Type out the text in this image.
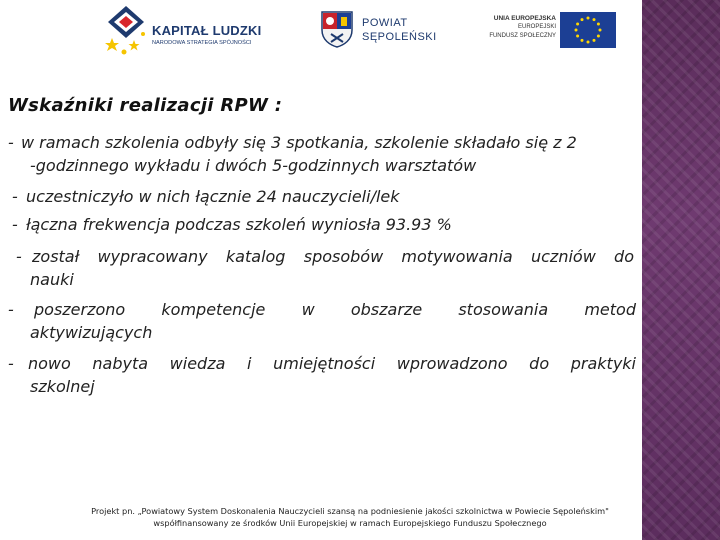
KAPITAŁ LUDZKI
NARODOWA STRATEGIA SPÓJNOŚCI
POWIAT
SĘPOLEŃSKI
UNIA EUROPEJSKA
EUROPEJSKI
FUNDUSZ SPOŁECZNY
Wskaźniki realizacji RPW :
- w ramach szkolenia odbyły się 3 spotkania, szkolenie składało się z 2
-godzinnego wykładu i dwóch 5-godzinnych warsztatów
- uczestniczyło w nich łącznie 24 nauczycieli/lek
- łączna frekwencja podczas szkoleń wyniosła 93.93 %
- został wypracowany katalog sposobów motywowania uczniów do
nauki
- poszerzono kompetencje w obszarze stosowania metod
aktywizujących
- nowo nabyta wiedza i umiejętności wprowadzono do praktyki
szkolnej
Projekt pn. „Powiatowy System Doskonalenia Nauczycieli szansą na podniesienie jakości szkolnictwa w Powiecie Sępoleńskim"
współfinansowany ze środków Unii Europejskiej w ramach Europejskiego Funduszu Społecznego
